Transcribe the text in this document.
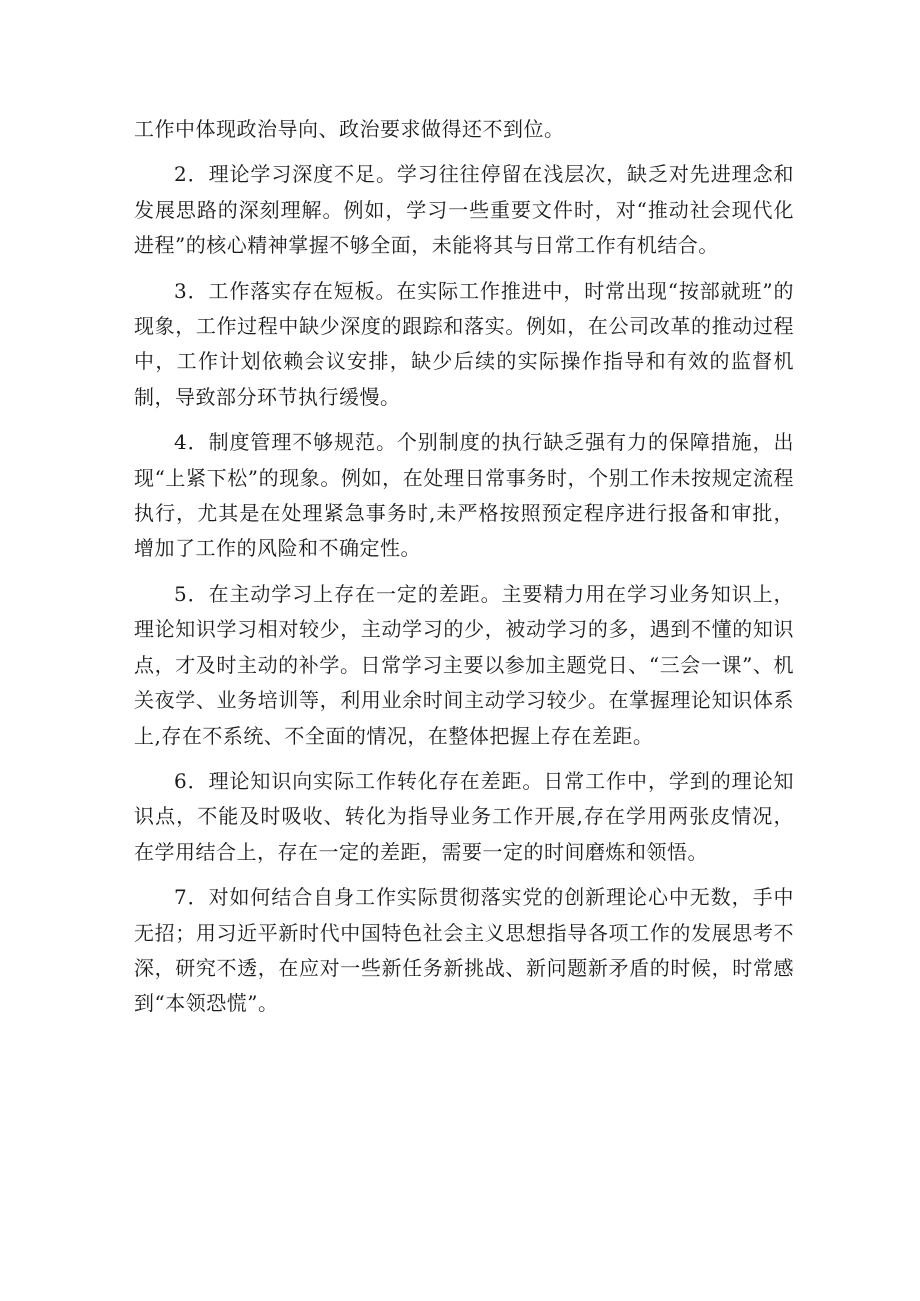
工作中体现政治导向、政治要求做得还不到位。

2．理论学习深度不足。学习往往停留在浅层次，缺乏对先进理念和发展思路的深刻理解。例如，学习一些重要文件时，对“推动社会现代化进程”的核心精神掌握不够全面，未能将其与日常工作有机结合。

3．工作落实存在短板。在实际工作推进中，时常出现“按部就班”的现象，工作过程中缺少深度的跟踪和落实。例如，在公司改革的推动过程中，工作计划依赖会议安排，缺少后续的实际操作指导和有效的监督机制，导致部分环节执行缓慢。

4．制度管理不够规范。个别制度的执行缺乏强有力的保障措施，出现“上紧下松”的现象。例如，在处理日常事务时，个别工作未按规定流程执行，尤其是在处理紧急事务时,未严格按照预定程序进行报备和审批，增加了工作的风险和不确定性。

5．在主动学习上存在一定的差距。主要精力用在学习业务知识上，理论知识学习相对较少，主动学习的少，被动学习的多，遇到不懂的知识点，才及时主动的补学。日常学习主要以参加主题党日、“三会一课”、机关夜学、业务培训等，利用业余时间主动学习较少。在掌握理论知识体系上,存在不系统、不全面的情况，在整体把握上存在差距。

6．理论知识向实际工作转化存在差距。日常工作中，学到的理论知识点，不能及时吸收、转化为指导业务工作开展,存在学用两张皮情况，在学用结合上，存在一定的差距，需要一定的时间磨炼和领悟。

7．对如何结合自身工作实际贯彻落实党的创新理论心中无数，手中无招；用习近平新时代中国特色社会主义思想指导各项工作的发展思考不深，研究不透，在应对一些新任务新挑战、新问题新矛盾的时候，时常感到“本领恐慌”。
